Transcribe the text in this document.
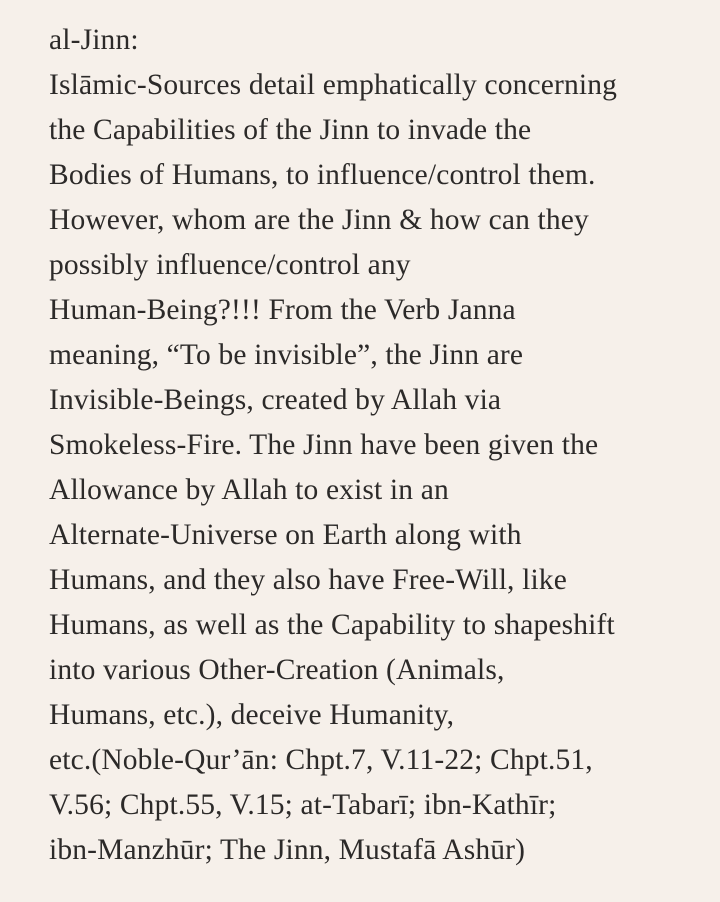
al-Jinn:
Islāmic-Sources detail emphatically concerning
the Capabilities of the Jinn to invade the
Bodies of Humans, to influence/control them.
However, whom are the Jinn & how can they
possibly influence/control any
Human-Being?!!! From the Verb Janna
meaning, “To be invisible”, the Jinn are
Invisible-Beings, created by Allah via
Smokeless-Fire. The Jinn have been given the
Allowance by Allah to exist in an
Alternate-Universe on Earth along with
Humans, and they also have Free-Will, like
Humans, as well as the Capability to shapeshift
into various Other-Creation (Animals,
Humans, etc.), deceive Humanity,
etc.(Noble-Qur’ān: Chpt.7, V.11-22; Chpt.51,
V.56; Chpt.55, V.15; at-Tabarī; ibn-Kathīr;
ibn-Manzhūr; The Jinn, Mustafā Ashūr)
